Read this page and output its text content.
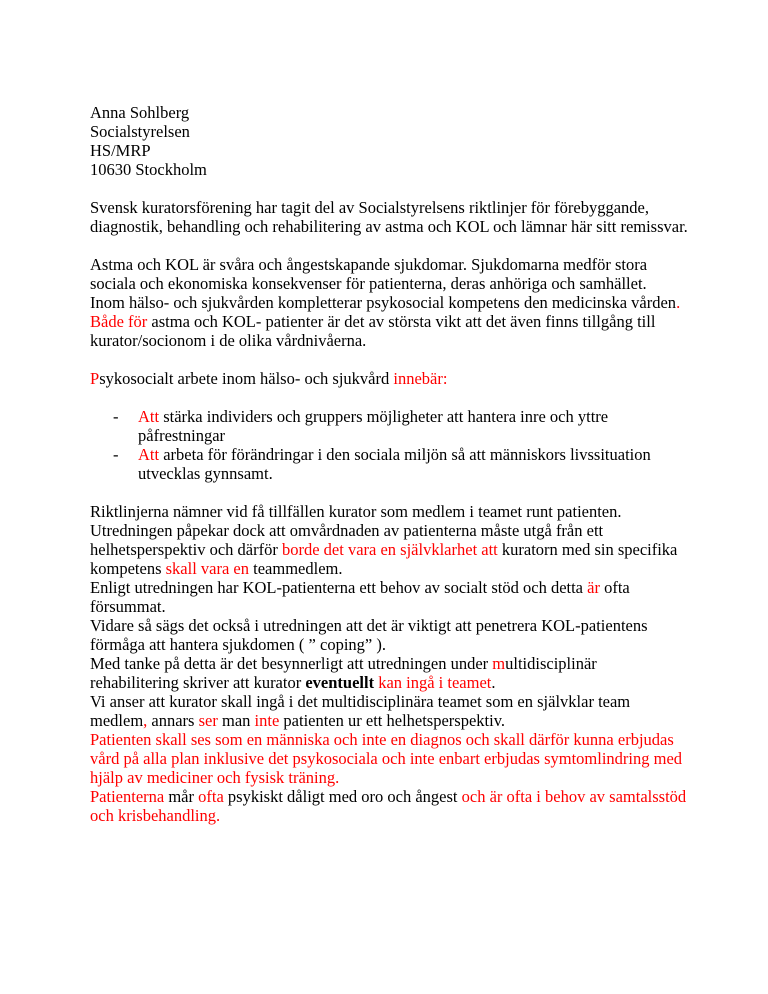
Anna Sohlberg

Socialstyrelsen

HS/MRP

10630 Stockholm

Svensk kuratorsförening har tagit del av Socialstyrelsens riktlinjer för förebyggande, diagnostik, behandling och rehabilitering av astma och KOL och lämnar här sitt remissvar.

Astma och KOL är svåra och ångestskapande sjukdomar. Sjukdomarna medför stora sociala och ekonomiska konsekvenser för patienterna, deras anhöriga och samhället.

Inom hälso- och sjukvården kompletterar psykosocial kompetens den medicinska vården.

Både för astma och KOL- patienter är det av största vikt att det även finns tillgång till kurator/socionom i de olika vårdnivåerna.

Psykosocialt arbete inom hälso- och sjukvård innebär:

- Att stärka individers och gruppers möjligheter att hantera inre och yttre påfrestningar
- Att arbeta för förändringar i den sociala miljön så att människors livssituation utvecklas gynnsamt.

Riktlinjerna nämner vid få tillfällen kurator som medlem i teamet runt patienten. Utredningen påpekar dock att omvårdnaden av patienterna måste utgå från ett helhetsperspektiv och därför borde det vara en självklarhet att kuratorn med sin specifika kompetens skall vara en teammedlem.

Enligt utredningen har KOL-patienterna ett behov av socialt stöd och detta är ofta försummat.

Vidare så sägs det också i utredningen att det är viktigt att penetrera KOL-patientens förmåga att hantera sjukdomen ( ” coping” ).

Med tanke på detta är det besynnerligt att utredningen under multidisciplinär rehabilitering skriver att kurator eventuellt kan ingå i teamet.

Vi anser att kurator skall ingå i det multidisciplinära teamet som en självklar team medlem, annars ser man inte patienten ur ett helhetsperspektiv.

Patienten skall ses som en människa och inte en diagnos och skall därför kunna erbjudas vård på alla plan inklusive det psykosociala och inte enbart erbjudas symtomlindring med hjälp av mediciner och fysisk träning.

Patienterna mår ofta psykiskt dåligt med oro och ångest och är ofta i behov av samtalsstöd och krisbehandling.
